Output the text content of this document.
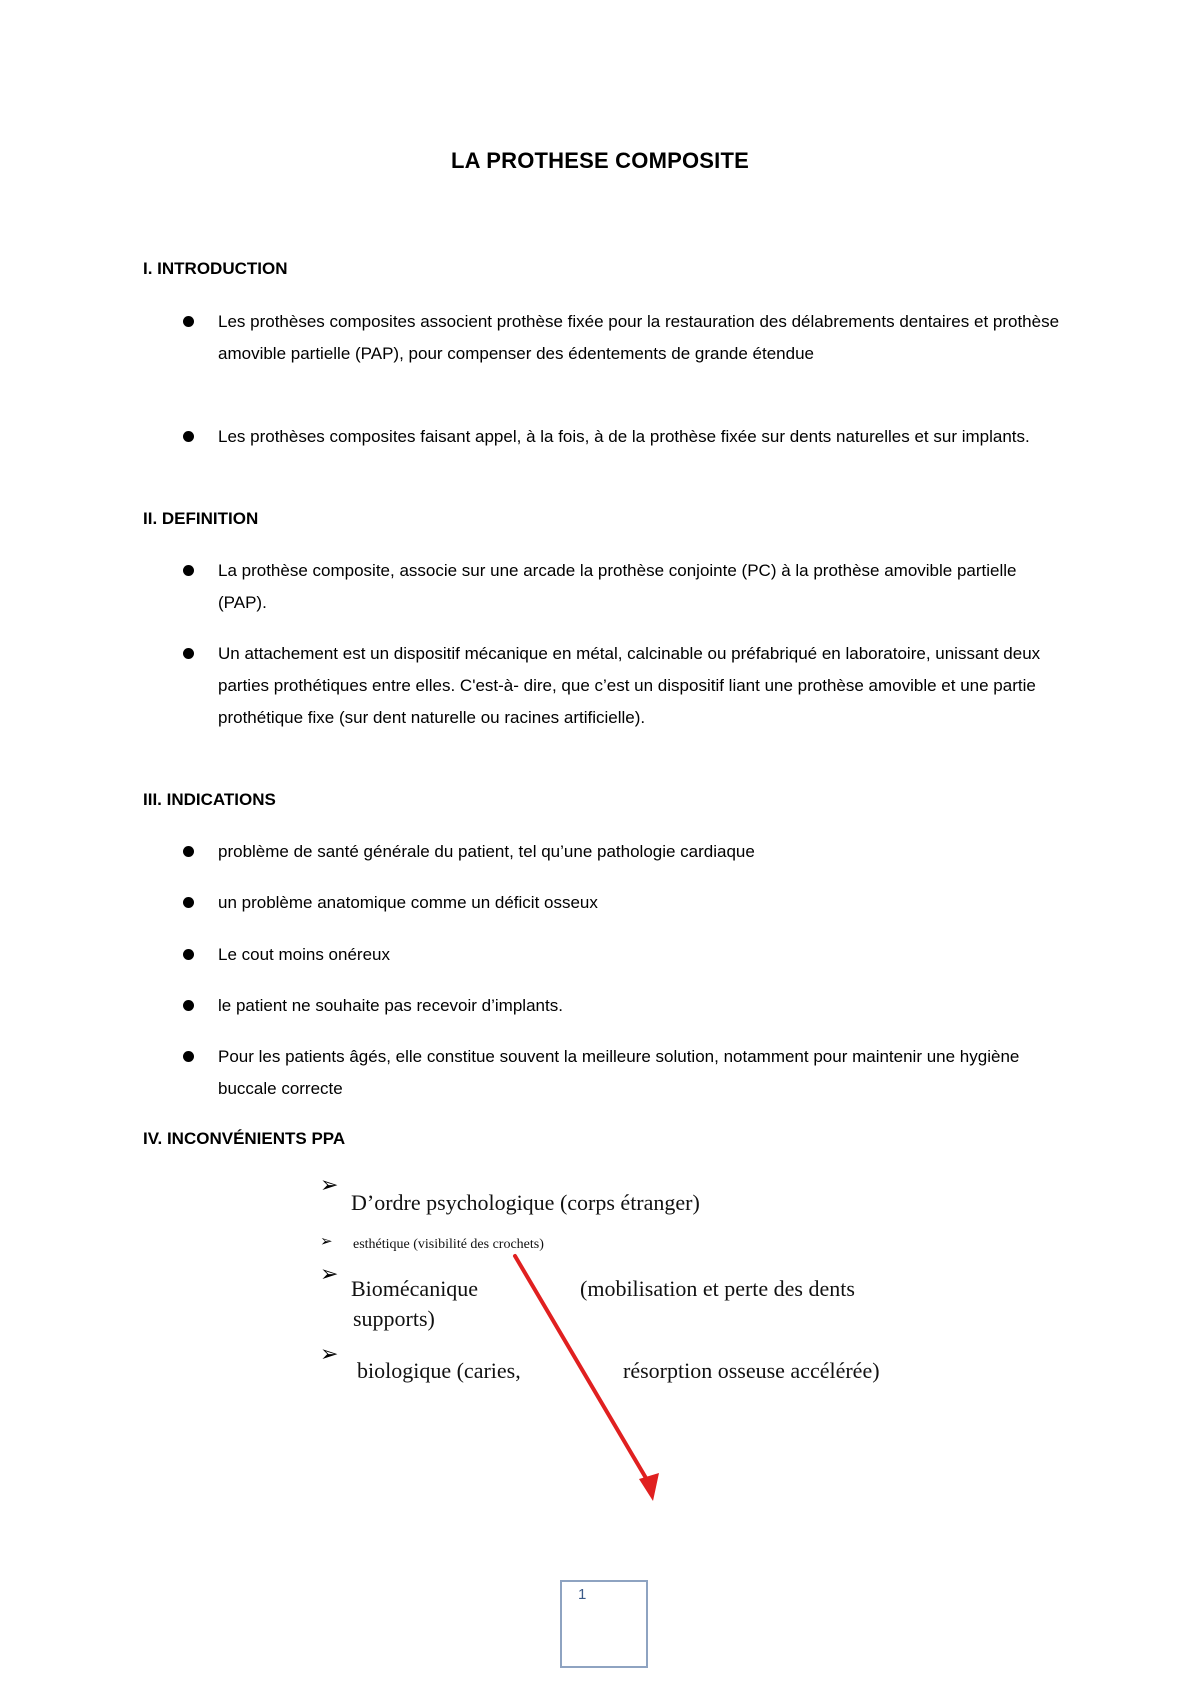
LA PROTHESE COMPOSITE
I. INTRODUCTION
Les prothèses composites associent prothèse fixée pour la restauration des délabrements dentaires et prothèse amovible partielle (PAP), pour compenser des édentements de grande étendue
Les prothèses composites faisant appel, à la fois, à de la prothèse fixée sur dents naturelles et sur implants.
II. DEFINITION
La prothèse composite, associe sur une arcade la prothèse conjointe (PC) à la prothèse amovible partielle (PAP).
Un attachement est un dispositif mécanique en métal, calcinable ou préfabriqué en laboratoire, unissant deux parties prothétiques entre elles. C'est-à- dire, que c’est un dispositif liant une prothèse amovible et une partie prothétique fixe (sur dent naturelle ou racines artificielle).
III. INDICATIONS
problème de santé générale du patient, tel qu’une pathologie cardiaque
un problème anatomique comme un déficit osseux
Le cout moins onéreux
le patient ne souhaite pas recevoir d’implants.
Pour les patients âgés, elle constitue souvent la meilleure solution, notamment pour maintenir une hygiène buccale correcte
IV. INCONVÉNIENTS PPA
➢
D’ordre psychologique (corps étranger)
➢ esthétique (visibilité des crochets)
➢
Biomécanique	(mobilisation et perte des dents
supports)
➢
biologique (caries,	résorption osseuse accélérée)
1
